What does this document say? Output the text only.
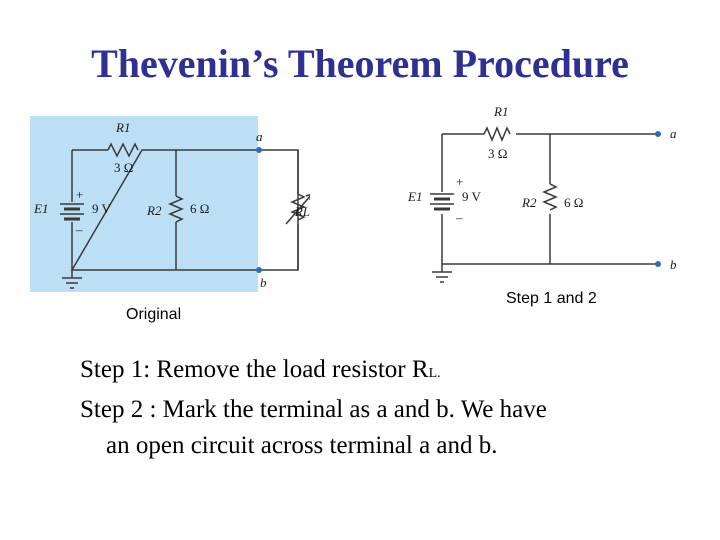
Thevenin’s Theorem Procedure
R1
3 Ω
E1	9 V
+
–
R2 6 Ω	RL
a
b
Original
R1
3 Ω
E1	9 V
+
–
R2 6 Ω
a
b
Step 1 and 2

Step 1: Remove the load resistor RL.

Step 2 : Mark the terminal as a and b. We have

an open circuit across terminal a and b.
